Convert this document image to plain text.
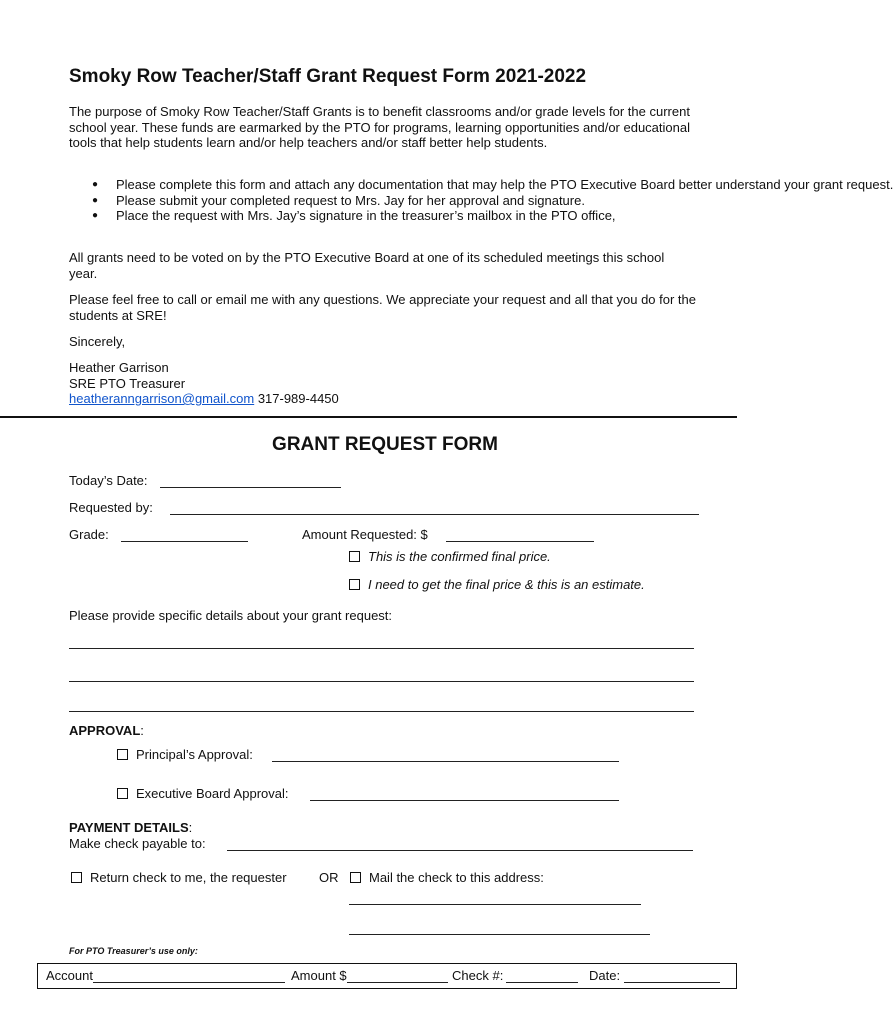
Smoky Row Teacher/Staff Grant Request Form 2021-2022
The purpose of Smoky Row Teacher/Staff Grants is to benefit classrooms and/or grade levels for the current school year. These funds are earmarked by the PTO for programs, learning opportunities and/or educational tools that help students learn and/or help teachers and/or staff better help students.
● Please complete this form and attach any documentation that may help the PTO Executive Board better understand your grant request.
● Please submit your completed request to Mrs. Jay for her approval and signature.
● Place the request with Mrs. Jay’s signature in the treasurer’s mailbox in the PTO office,
All grants need to be voted on by the PTO Executive Board at one of its scheduled meetings this school year.
Please feel free to call or email me with any questions. We appreciate your request and all that you do for the students at SRE!
Sincerely,
Heather Garrison
SRE PTO Treasurer
heatheranngarrison@gmail.com 317-989-4450
GRANT REQUEST FORM
Today’s Date:
Requested by:
Grade:	Amount Requested: $
This is the confirmed final price.
I need to get the final price & this is an estimate.
Please provide specific details about your grant request:
APPROVAL:
Principal’s Approval:
Executive Board Approval:
PAYMENT DETAILS:
Make check payable to:
Return check to me, the requester OR	Mail the check to this address:
For PTO Treasurer’s use only:
Account	Amount $	Check #:	Date:
